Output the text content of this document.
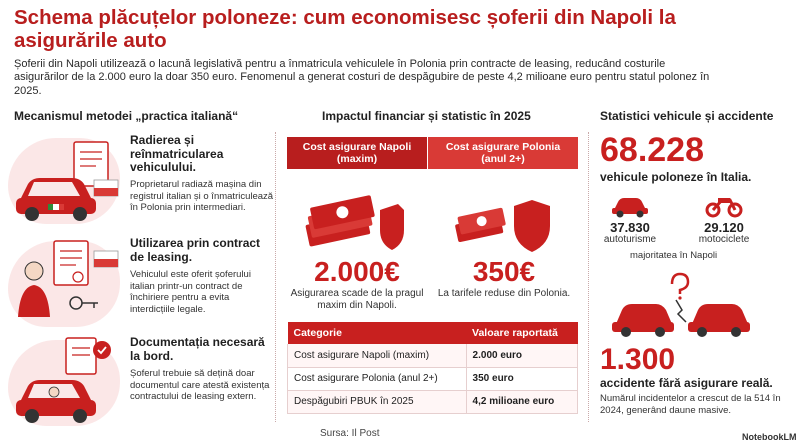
Schema plăcuțelor poloneze: cum economisesc șoferii din Napoli la asigurările auto
Șoferii din Napoli utilizează o lacună legislativă pentru a înmatricula vehiculele în Polonia prin contracte de leasing, reducând costurile asigurărilor de la 2.000 euro la doar 350 euro. Fenomenul a generat costuri de despăgubire de peste 4,2 milioane euro pentru statul polonez în 2025.
Mecanismul metodei „practica italiană“	Impactul financiar și statistic în 2025	Statistici vehicule și accidente
Radierea și reînmatricularea vehiculului.
Proprietarul radiază mașina din registrul italian și o înmatriculează în Polonia prin intermediari.
Utilizarea prin contract de leasing.
Vehiculul este oferit șoferului italian printr-un contract de închiriere pentru a evita interdicțiile legale.
Documentația necesară la bord.
Șoferul trebuie să dețină doar documentul care atestă existența contractului de leasing extern.
Cost asigurare Napoli (maxim)
Cost asigurare Polonia (anul 2+)
2.000€
Asigurarea scade de la pragul maxim din Napoli.
350€
La tarifele reduse din Polonia.
Categorie	Valoare raportată
Cost asigurare Napoli (maxim)	2.000 euro
Cost asigurare Polonia (anul 2+)	350 euro
Despăgubiri PBUK în 2025	4,2 milioane euro
Sursa: Il Post
68.228
vehicule poloneze în Italia.
37.830
autoturisme
29.120
motociclete
majoritatea în Napoli
1.300
accidente fără asigurare reală.
Numărul incidentelor a crescut de la 514 în 2024, generând daune masive.
NotebookLM
